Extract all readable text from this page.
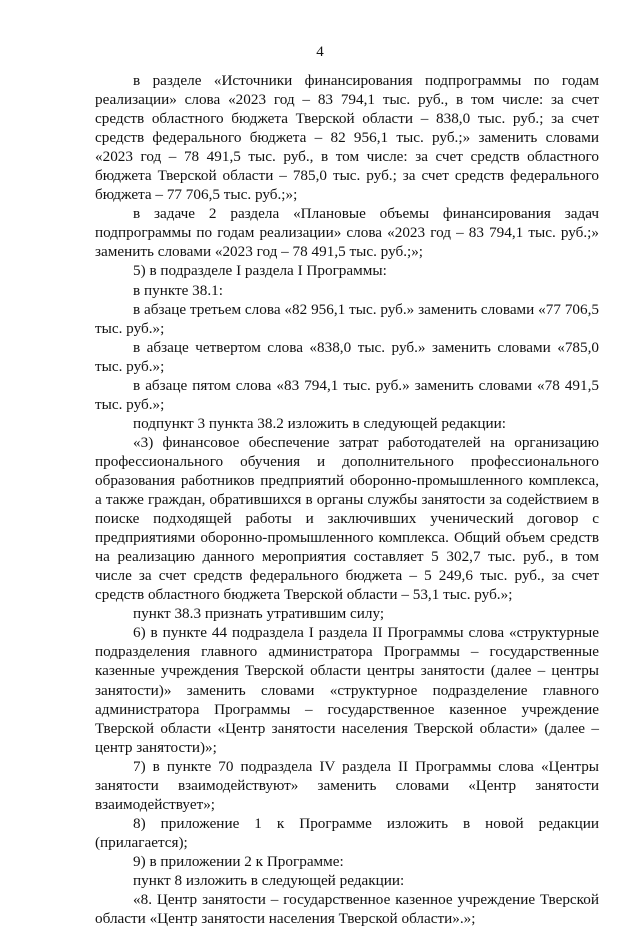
4

в разделе «Источники финансирования подпрограммы по годам реализации» слова «2023 год – 83 794,1 тыс. руб., в том числе: за счет средств областного бюджета Тверской области – 838,0 тыс. руб.; за счет средств федерального бюджета – 82 956,1 тыс. руб.;» заменить словами «2023 год – 78 491,5 тыс. руб., в том числе: за счет средств областного бюджета Тверской области – 785,0 тыс. руб.; за счет средств федерального бюджета – 77 706,5 тыс. руб.;»;

в задаче 2 раздела «Плановые объемы финансирования задач подпрограммы по годам реализации» слова «2023 год – 83 794,1 тыс. руб.;» заменить словами «2023 год – 78 491,5 тыс. руб.;»;

5) в подразделе I раздела I Программы:

в пункте 38.1:

в абзаце третьем слова «82 956,1 тыс. руб.» заменить словами «77 706,5 тыс. руб.»;

в абзаце четвертом слова «838,0 тыс. руб.» заменить словами «785,0 тыс. руб.»;

в абзаце пятом слова «83 794,1 тыс. руб.» заменить словами «78 491,5 тыс. руб.»;

подпункт 3 пункта 38.2 изложить в следующей редакции:

«3) финансовое обеспечение затрат работодателей на организацию профессионального обучения и дополнительного профессионального образования работников предприятий оборонно-промышленного комплекса, а также граждан, обратившихся в органы службы занятости за содействием в поиске подходящей работы и заключивших ученический договор с предприятиями оборонно-промышленного комплекса. Общий объем средств на реализацию данного мероприятия составляет 5 302,7 тыс. руб., в том числе за счет средств федерального бюджета – 5 249,6 тыс. руб., за счет средств областного бюджета Тверской области – 53,1 тыс. руб.»;

пункт 38.3 признать утратившим силу;

6) в пункте 44 подраздела I раздела II Программы слова «структурные подразделения главного администратора Программы – государственные казенные учреждения Тверской области центры занятости (далее – центры занятости)» заменить словами «структурное подразделение главного администратора Программы – государственное казенное учреждение Тверской области «Центр занятости населения Тверской области» (далее – центр занятости)»;

7) в пункте 70 подраздела IV раздела II Программы слова «Центры занятости взаимодействуют» заменить словами «Центр занятости взаимодействует»;

8) приложение 1 к Программе изложить в новой редакции (прилагается);

9) в приложении 2 к Программе:

пункт 8 изложить в следующей редакции:

«8. Центр занятости – государственное казенное учреждение Тверской области «Центр занятости населения Тверской области».»;
